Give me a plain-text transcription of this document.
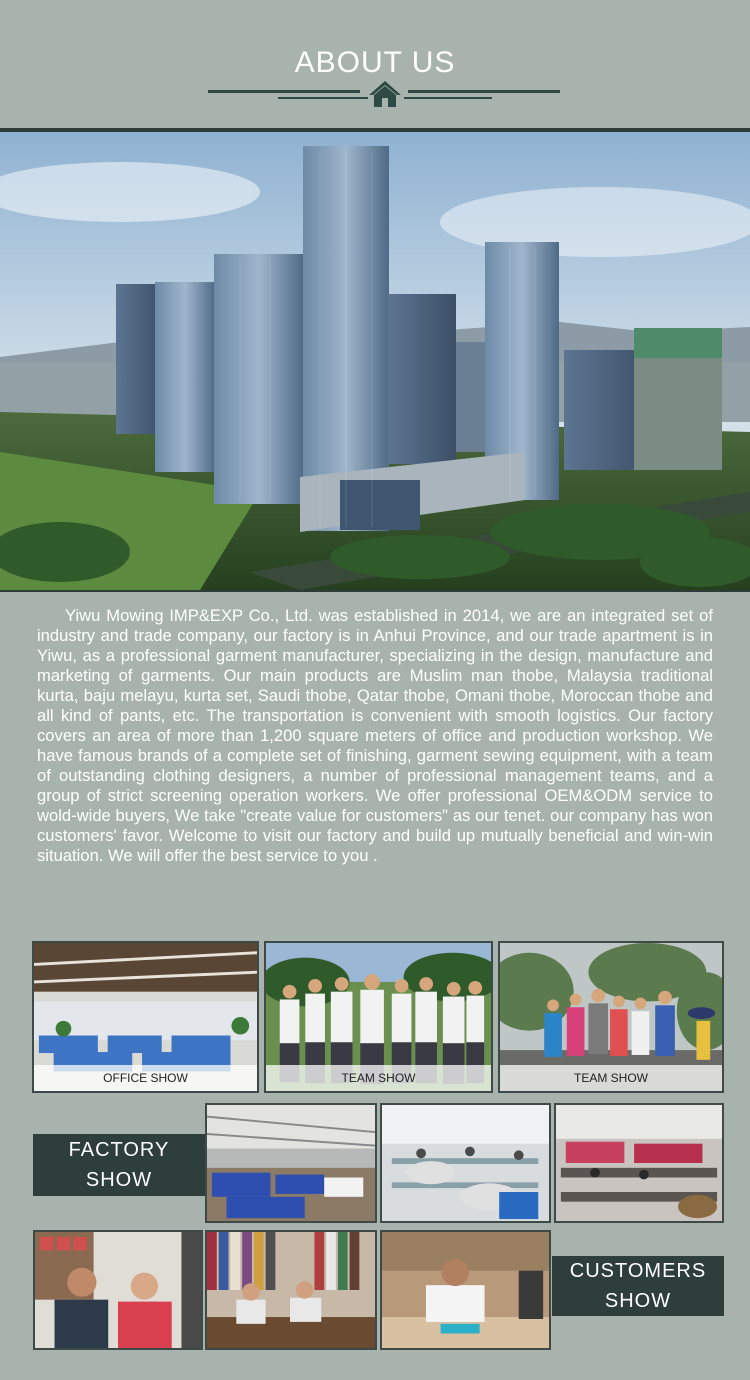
ABOUT US
Yiwu Mowing IMP&EXP Co., Ltd. was established in 2014, we are an integrated set of industry and trade company, our factory is in Anhui Province, and our trade apartment is in Yiwu, as a professional garment manufacturer, specializing in the design, manufacture and marketing of garments. Our main products are Muslim man thobe, Malaysia traditional kurta, baju melayu, kurta set, Saudi thobe, Qatar thobe, Omani thobe, Moroccan thobe and all kind of pants, etc. The transportation is convenient with smooth logistics. Our factory covers an area of more than 1,200 square meters of office and production workshop. We have famous brands of a complete set of finishing, garment sewing equipment, with a team of outstanding clothing designers, a number of professional management teams, and a group of strict screening operation workers. We offer professional OEM&ODM service to wold-wide buyers, We take "create value for customers" as our tenet. our company has won customers' favor. Welcome to visit our factory and build up mutually beneficial and win-win situation. We will offer the best service to you .
OFFICE SHOW	TEAM SHOW	TEAM SHOW
FACTORY
SHOW
CUSTOMERS
SHOW
